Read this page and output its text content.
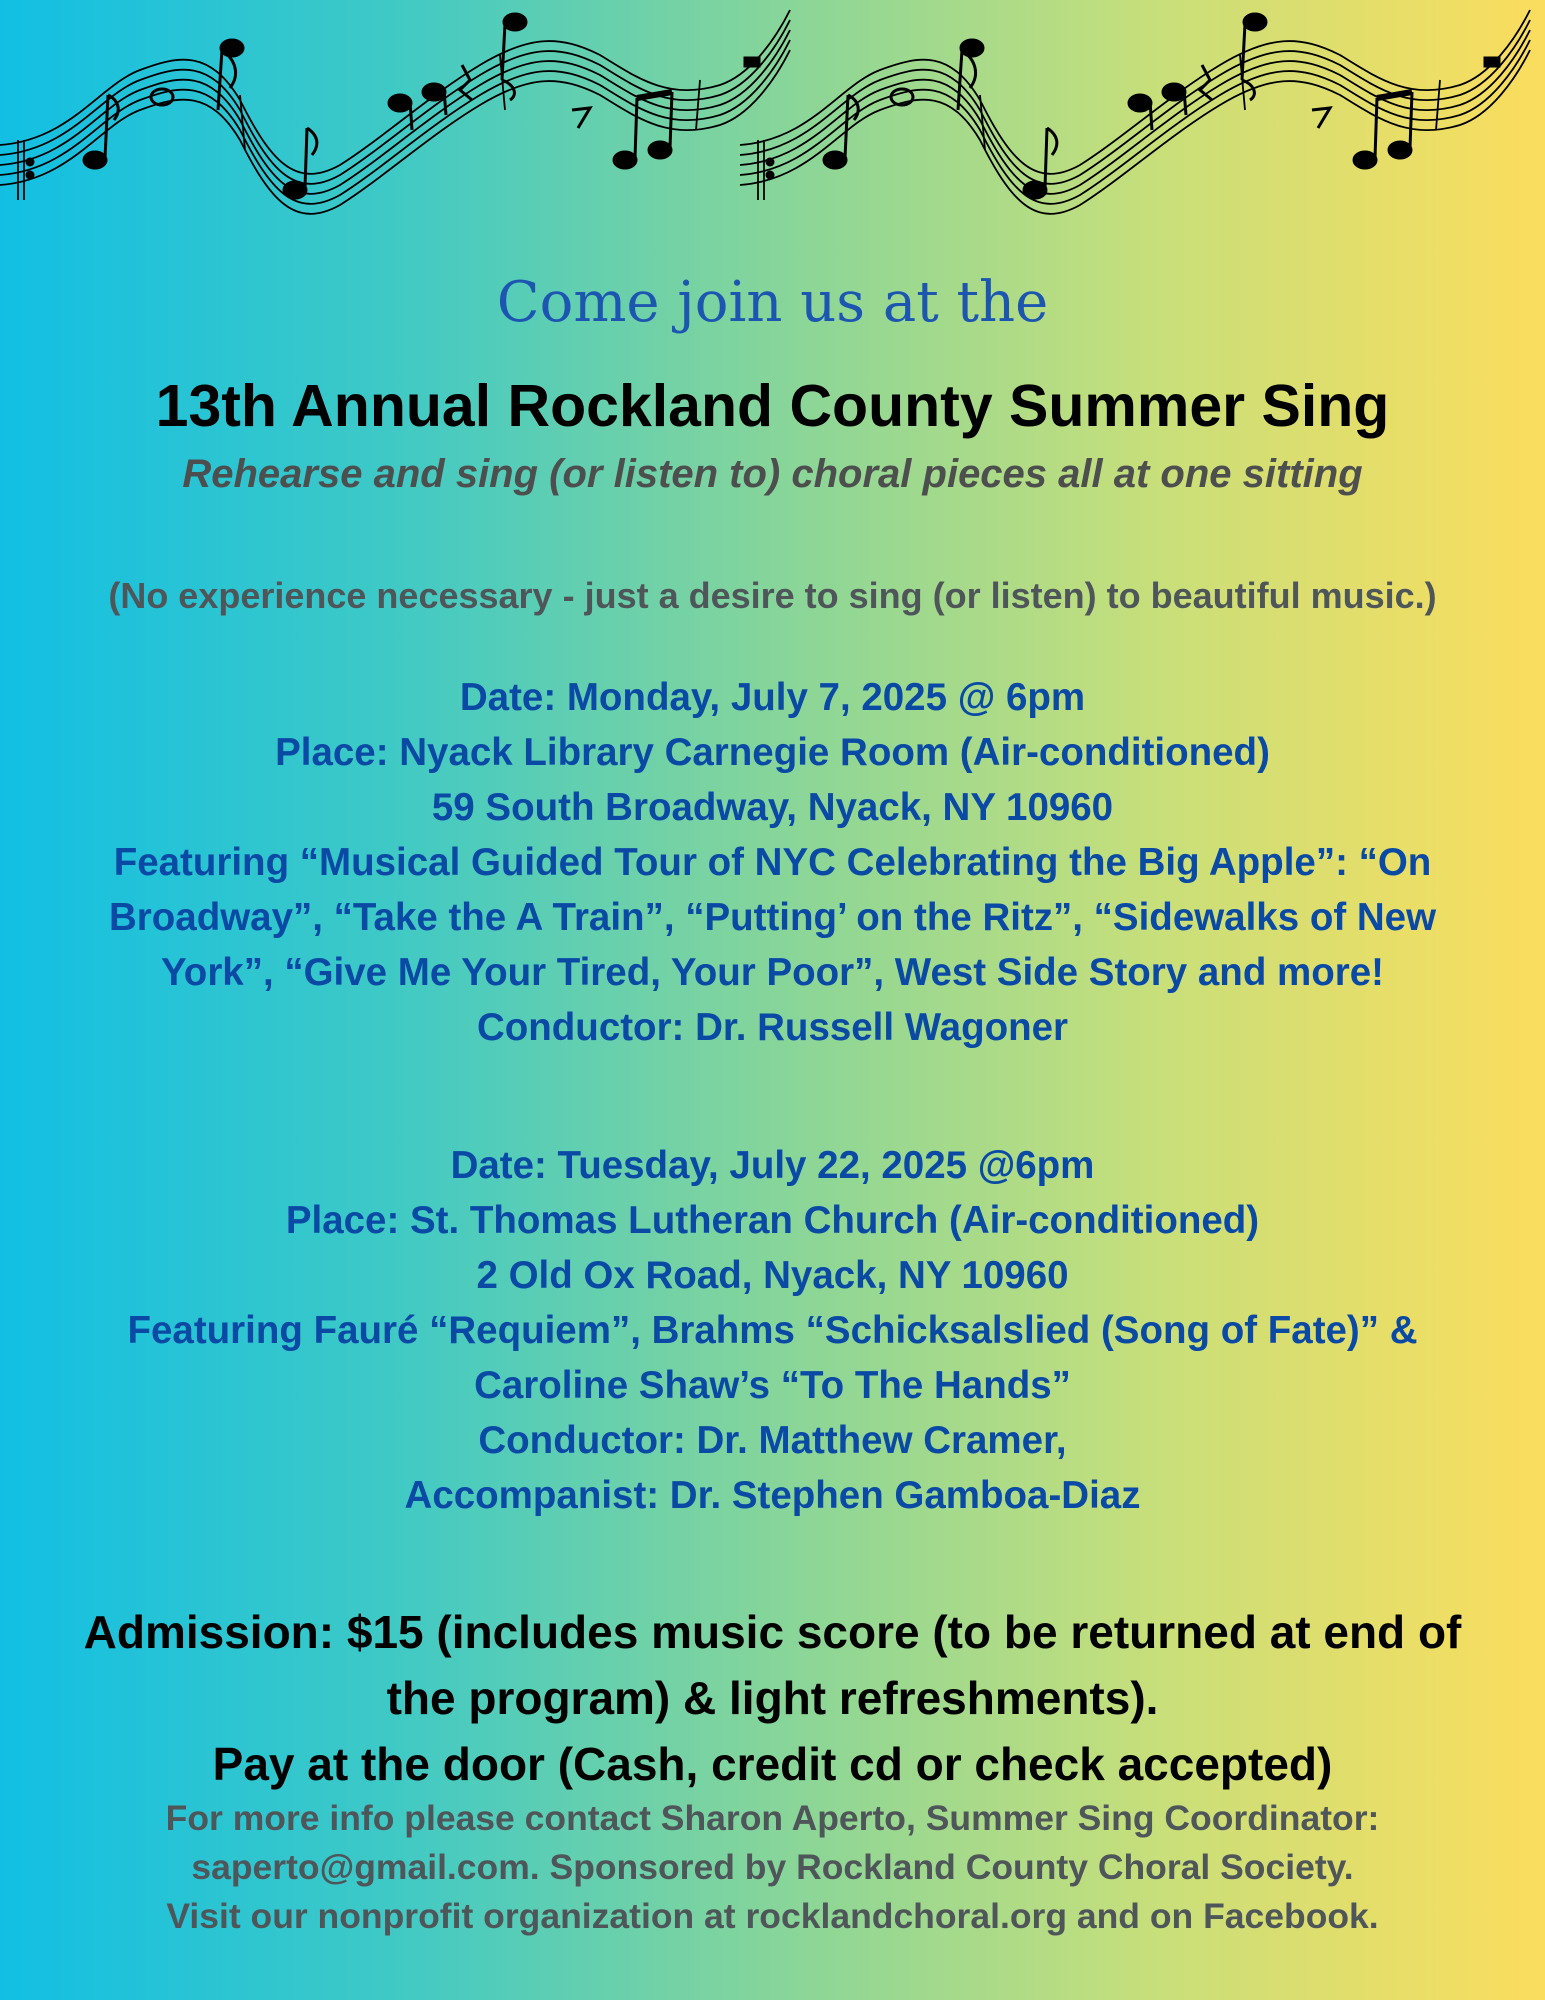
Come join us at the
13th Annual Rockland County Summer Sing
Rehearse and sing (or listen to) choral pieces all at one sitting
(No experience necessary - just a desire to sing (or listen) to beautiful music.)
Date: Monday, July 7, 2025 @ 6pm
Place: Nyack Library Carnegie Room (Air-conditioned)
59 South Broadway, Nyack, NY 10960
Featuring “Musical Guided Tour of NYC Celebrating the Big Apple”: “On
Broadway”, “Take the A Train”, “Putting’ on the Ritz”, “Sidewalks of New
York”, “Give Me Your Tired, Your Poor”, West Side Story and more!
Conductor: Dr. Russell Wagoner
Date: Tuesday, July 22, 2025 @6pm
Place: St. Thomas Lutheran Church (Air-conditioned)
2 Old Ox Road, Nyack, NY 10960
Featuring Fauré “Requiem”, Brahms “Schicksalslied (Song of Fate)” &
Caroline Shaw’s “To The Hands”
Conductor: Dr. Matthew Cramer,
Accompanist: Dr. Stephen Gamboa-Diaz
Admission: $15 (includes music score (to be returned at end of
the program) & light refreshments).
Pay at the door (Cash, credit cd or check accepted)
For more info please contact Sharon Aperto, Summer Sing Coordinator:
saperto@gmail.com. Sponsored by Rockland County Choral Society.
Visit our nonprofit organization at rocklandchoral.org and on Facebook.
